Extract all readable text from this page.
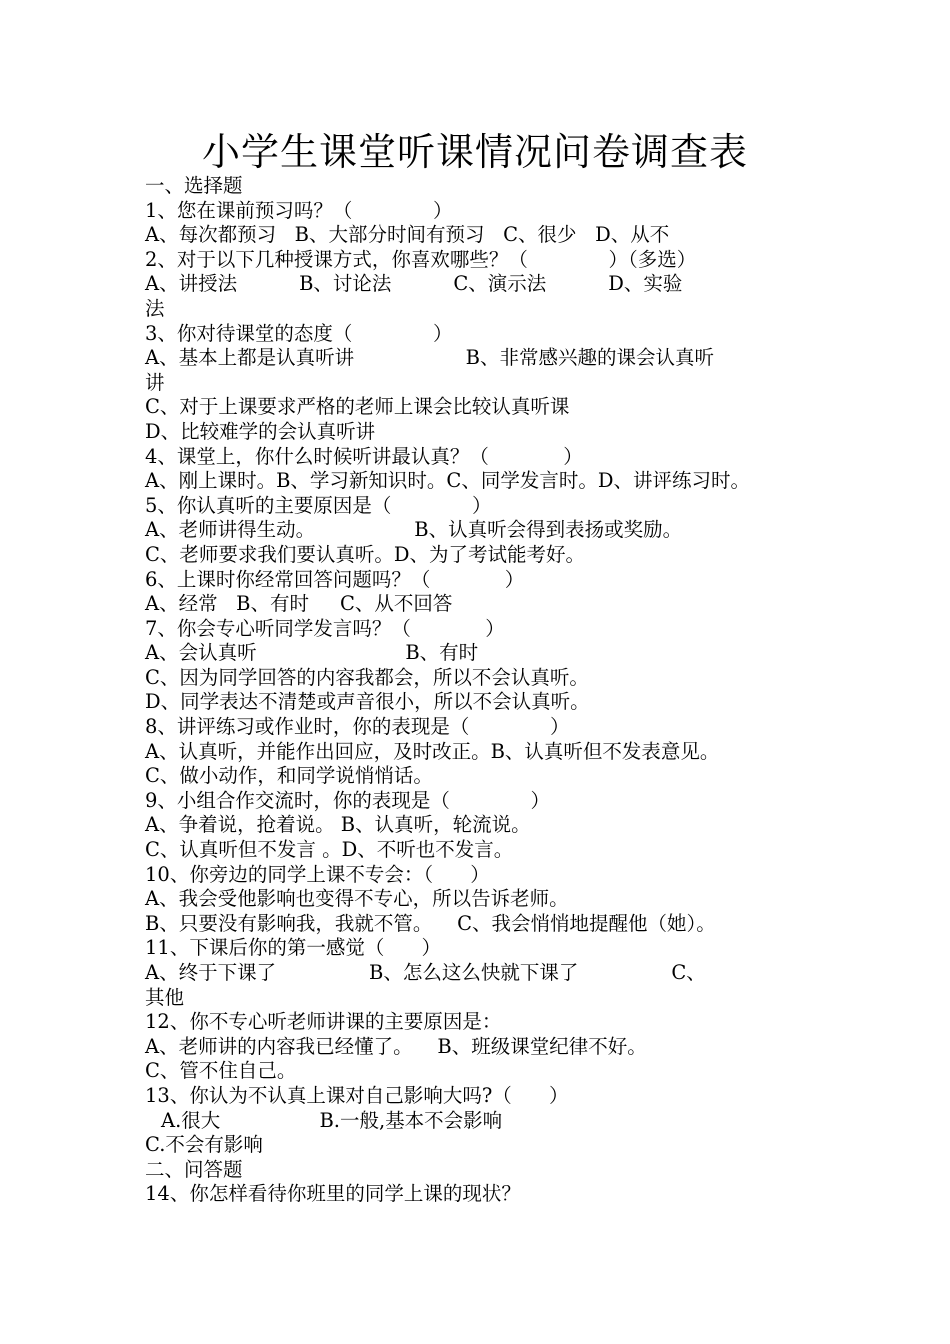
小学生课堂听课情况问卷调查表
一、选择题
1、您在课前预习吗？（             ）
A、每次都预习   B、大部分时间有预习   C、很少   D、从不
2、对于以下几种授课方式，你喜欢哪些？（             ）（多选）
A、讲授法          B、讨论法          C、演示法          D、实验
法
3、你对待课堂的态度（             ）
A、基本上都是认真听讲                  B、非常感兴趣的课会认真听
讲
C、对于上课要求严格的老师上课会比较认真听课
D、比较难学的会认真听讲
4、课堂上，你什么时候听讲最认真？（            ）
A、刚上课时。B、学习新知识时。C、同学发言时。D、讲评练习时。
5、你认真听的主要原因是（             ）
A、老师讲得生动。                B、认真听会得到表扬或奖励。
C、老师要求我们要认真听。D、为了考试能考好。
6、上课时你经常回答问题吗？（            ）
A、经常   B、有时     C、从不回答
7、你会专心听同学发言吗？（            ）
A、会认真听                        B、有时
C、因为同学回答的内容我都会，所以不会认真听。
D、同学表达不清楚或声音很小，所以不会认真听。
8、讲评练习或作业时，你的表现是（             ）
A、认真听，并能作出回应，及时改正。B、认真听但不发表意见。
C、做小动作，和同学说悄悄话。
9、小组合作交流时，你的表现是（             ）
A、争着说，抢着说。 B、认真听，轮流说。
C、认真听但不发言 。D、不听也不发言。
10、你旁边的同学上课不专会：（      ）
A、我会受他影响也变得不专心，所以告诉老师。
B、只要没有影响我，我就不管。    C、我会悄悄地提醒他（她）。
11、下课后你的第一感觉（      ）
A、终于下课了               B、怎么这么快就下课了               C、
其他
12、你不专心听老师讲课的主要原因是：
A、老师讲的内容我已经懂了。    B、班级课堂纪律不好。
C、管不住自己。
13、你认为不认真上课对自己影响大吗?（      ）
A.很大                B.一般,基本不会影响
C.不会有影响
二、问答题
14、你怎样看待你班里的同学上课的现状？
